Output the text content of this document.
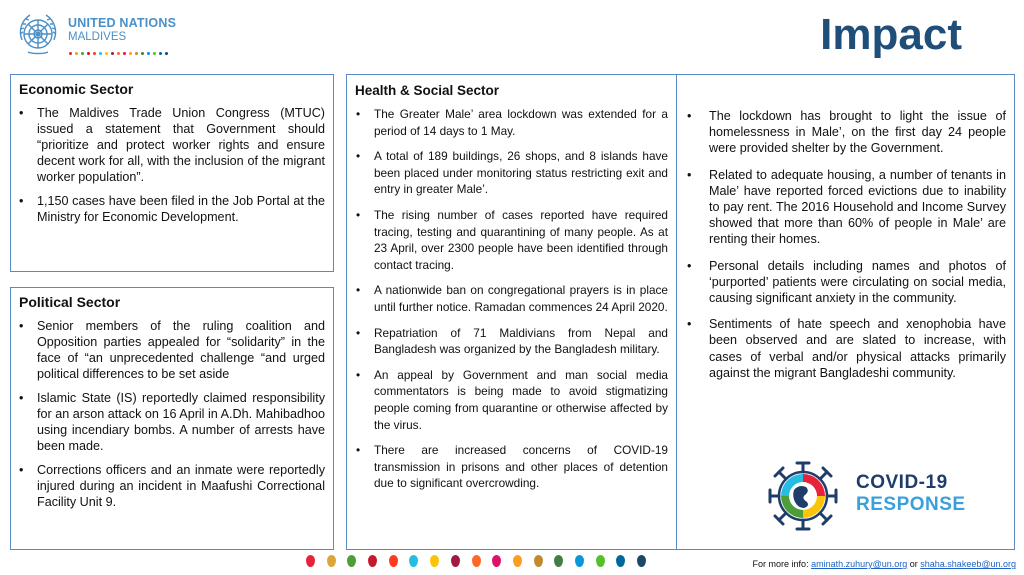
UNITED NATIONS
MALDIVES	Impact
Economic Sector
• The Maldives Trade Union Congress (MTUC) issued a statement that Government should “prioritize and protect worker rights and ensure decent work for all, with the inclusion of the migrant worker population”.
• 1,150 cases have been filed in the Job Portal at the Ministry for Economic Development.
Political Sector
• Senior members of the ruling coalition and Opposition parties appealed for “solidarity” in the face of “an unprecedented challenge “and urged political differences to be set aside
• Islamic State (IS) reportedly claimed responsibility for an arson attack on 16 April in A.Dh. Mahibadhoo using incendiary bombs. A number of arrests have been made.
• Corrections officers and an inmate were reportedly injured during an incident in Maafushi Correctional Facility Unit 9.
Health & Social Sector
• The Greater Male’ area lockdown was extended for a period of 14 days to 1 May.
• A total of 189 buildings, 26 shops, and 8 islands have been placed under monitoring status restricting exit and entry in greater Male’.
• The rising number of cases reported have required tracing, testing and quarantining of many people. As at 23 April, over 2300 people have been identified through contact tracing.
• A nationwide ban on congregational prayers is in place until further notice. Ramadan commences 24 April 2020.
• Repatriation of 71 Maldivians from Nepal and Bangladesh was organized by the Bangladesh military.
• An appeal by Government and man social media commentators is being made to avoid stigmatizing people coming from quarantine or otherwise affected by the virus.
• There are increased concerns of COVID-19 transmission in prisons and other places of detention due to significant overcrowding.
• The lockdown has brought to light the issue of homelessness in Male’, on the first day 24 people were provided shelter by the Government.
• Related to adequate housing, a number of tenants in Male’ have reported forced evictions due to inability to pay rent. The 2016 Household and Income Survey showed that more than 60% of people in Male’ are renting their homes.
• Personal details including names and photos of ‘purported’ patients were circulating on social media, causing significant anxiety in the community.
• Sentiments of hate speech and xenophobia have been observed and are slated to increase, with cases of verbal and/or physical attacks primarily against the migrant Bangladeshi community.
COVID-19
RESPONSE
For more info: aminath.zuhury@un.org or shaha.shakeeb@un.org
